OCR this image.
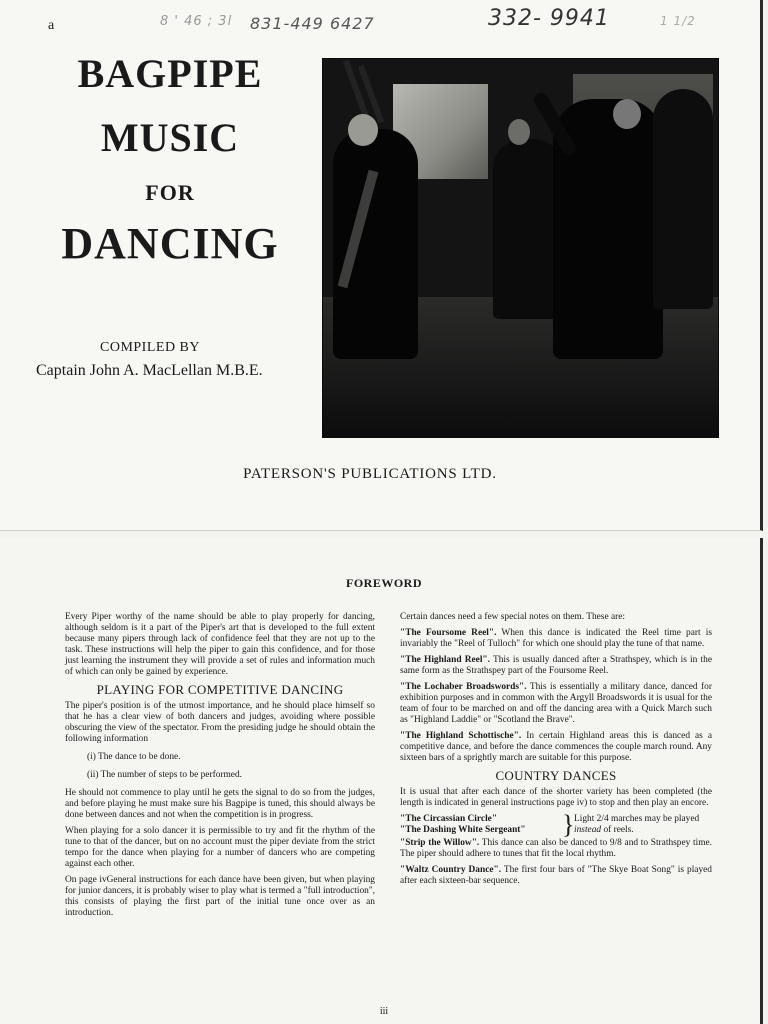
8 ' 46 ; 3l 831-449 6427	332- 9941	1 1/2
a
BAGPIPE
MUSIC
FOR
DANCING
COMPILED BY
Captain John A. MacLellan M.B.E.
PATERSON'S PUBLICATIONS LTD.
FOREWORD

Every Piper worthy of the name should be able to play properly for dancing, although seldom is it a part of the Piper's art that is developed to the full extent because many pipers through lack of confidence feel that they are not up to the task. These instructions will help the piper to gain this confidence, and for those just learning the instrument they will provide a set of rules and information much of which can only be gained by experience.

PLAYING FOR COMPETITIVE DANCING

The piper's position is of the utmost importance, and he should place himself so that he has a clear view of both dancers and judges, avoiding where possible obscuring the view of the spectator. From the presiding judge he should obtain the following information

(i) The dance to be done.

(ii) The number of steps to be performed.

He should not commence to play until he gets the signal to do so from the judges, and before playing he must make sure his Bagpipe is tuned, this should always be done between dances and not when the competition is in progress.

When playing for a solo dancer it is permissible to try and fit the rhythm of the tune to that of the dancer, but on no account must the piper deviate from the strict tempo for the dance when playing for a number of dancers who are competing against each other.

On page ivGeneral instructions for each dance have been given, but when playing for junior dancers, it is probably wiser to play what is termed a "full introduction", this consists of playing the first part of the initial tune once over as an introduction.

Certain dances need a few special notes on them. These are:

"The Foursome Reel". When this dance is indicated the Reel time part is invariably the "Reel of Tulloch" for which one should play the tune of that name.

"The Highland Reel". This is usually danced after a Strathspey, which is in the same form as the Strathspey part of the Foursome Reel.

"The Lochaber Broadswords". This is essentially a military dance, danced for exhibition purposes and in common with the Argyll Broadswords it is usual for the team of four to be marched on and off the dancing area with a Quick March such as "Highland Laddie" or "Scotland the Brave".

"The Highland Schottische". In certain Highland areas this is danced as a competitive dance, and before the dance commences the couple march round. Any sixteen bars of a sprightly march are suitable for this purpose.

COUNTRY DANCES

It is usual that after each dance of the shorter variety has been completed (the length is indicated in general instructions page iv) to stop and then play an encore.

"The Circassian Circle"
"The Dashing White Sergeant"	} Light 2/4 marches may be played
instead of reels.

"Strip the Willow". This dance can also be danced to 9/8 and to Strathspey time. The piper should adhere to tunes that fit the local rhythm.

"Waltz Country Dance". The first four bars of "The Skye Boat Song" is played after each sixteen-bar sequence.

iii
